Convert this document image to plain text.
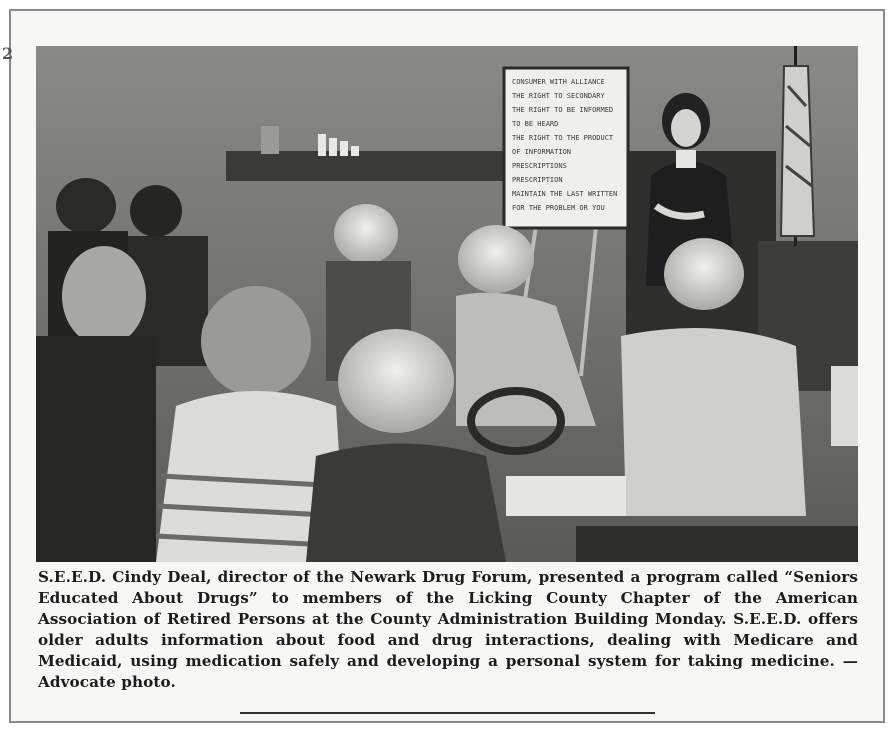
2
CONSUMER WITH ALLIANCE
THE RIGHT TO SECONDARY
THE RIGHT TO BE INFORMED
TO BE HEARD
THE RIGHT TO THE PRODUCT
OF INFORMATION
PRESCRIPTIONS
PRESCRIPTION
MAINTAIN THE LAST WRITTEN
FOR THE PROBLEM OR YOU

S.E.E.D. Cindy Deal, director of the Newark Drug Forum, presented a program called “Seniors Educated About Drugs” to members of the Licking County Chapter of the American Association of Retired Persons at the County Administration Building Monday. S.E.E.D. offers older adults information about food and drug interactions, dealing with Medicare and Medicaid, using medication safely and developing a personal system for taking medicine. — Advocate photo.
